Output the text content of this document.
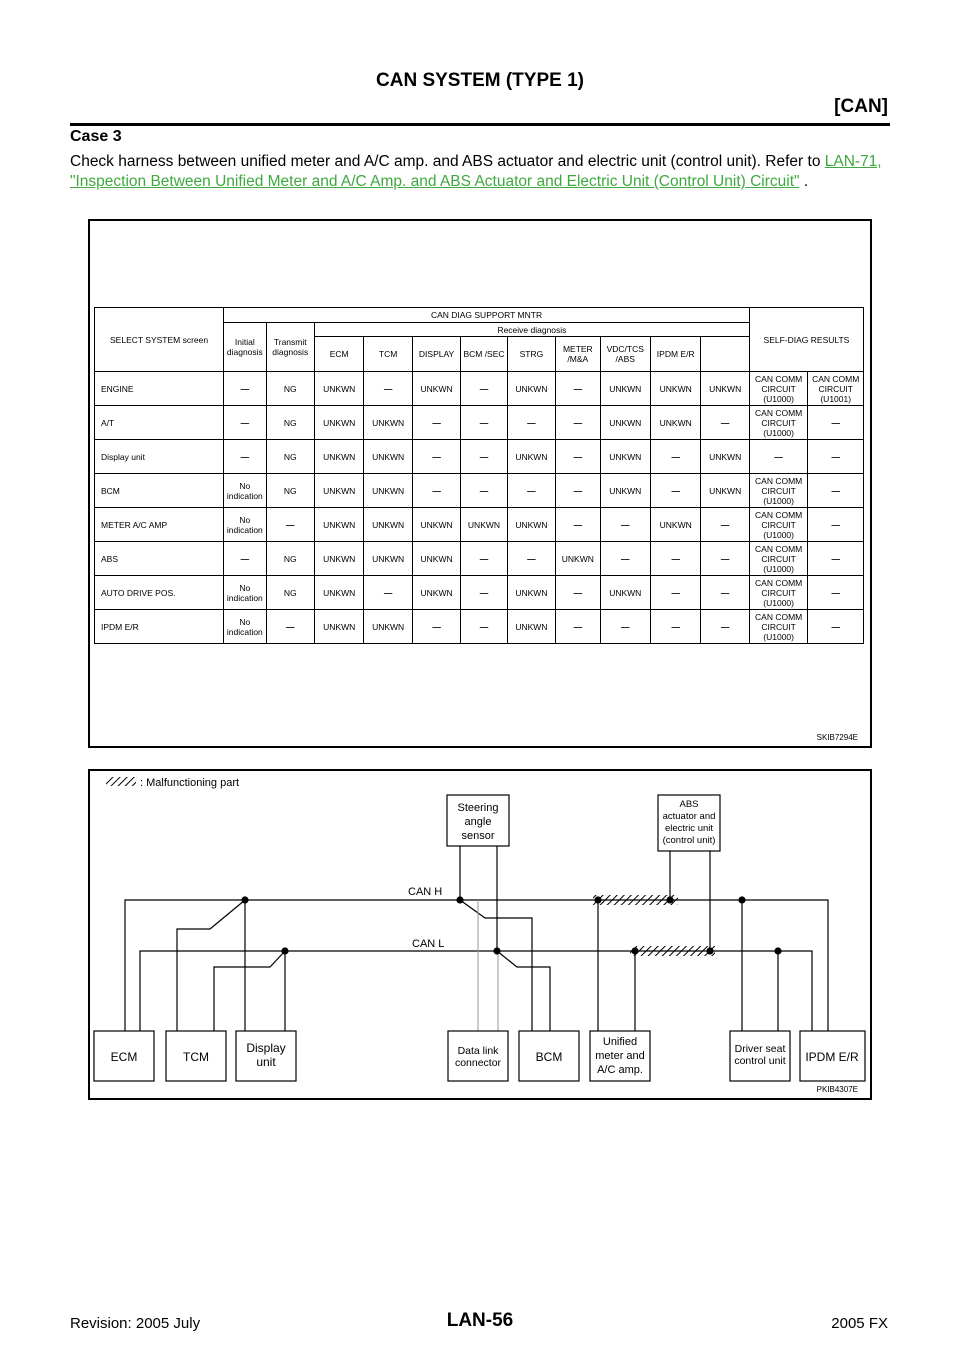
CAN SYSTEM (TYPE 1)
[CAN]
Case 3
Check harness between unified meter and A/C amp. and ABS actuator and electric unit (control unit). Refer to LAN-71, "Inspection Between Unified Meter and A/C Amp. and ABS Actuator and Electric Unit (Control Unit) Circuit" .
SELECT SYSTEM screen	CAN DIAG SUPPORT MNTR											SELF-DIAG RESULTS	
	Initial diagnosis	Transmit diagnosis	Receive diagnosis										
			ECM	TCM	DISPLAY	BCM /SEC	STRG	METER /M&A	VDC/TCS /ABS	IPDM E/R			
ENGINE	—	NG	UNKWN	—	UNKWN	—	UNKWN	—	UNKWN	UNKWN	UNKWN	CAN COMM CIRCUIT (U1000)	CAN COMM CIRCUIT (U1001)
A/T	—	NG	UNKWN	UNKWN	—	—	—	—	UNKWN	UNKWN	—	CAN COMM CIRCUIT (U1000)	—
Display unit	—	NG	UNKWN	UNKWN	—	—	UNKWN	—	UNKWN	—	UNKWN	—	—
BCM	No indication	NG	UNKWN	UNKWN	—	—	—	—	UNKWN	—	UNKWN	CAN COMM CIRCUIT (U1000)	—
METER A/C AMP	No indication	—	UNKWN	UNKWN	UNKWN	UNKWN	UNKWN	—	—	UNKWN	—	CAN COMM CIRCUIT (U1000)	—
ABS	—	NG	UNKWN	UNKWN	UNKWN	—	—	UNKWN	—	—	—	CAN COMM CIRCUIT (U1000)	—
AUTO DRIVE POS.	No indication	NG	UNKWN	—	UNKWN	—	UNKWN	—	UNKWN	—	—	CAN COMM CIRCUIT (U1000)	—
IPDM E/R	No indication	—	UNKWN	UNKWN	—	—	UNKWN	—	—	—	—	CAN COMM CIRCUIT (U1000)	—
SKIB7294E
: Malfunctioning part
CAN H
CAN L
ECM	TCM
Display
unit
Data link
connector	BCM
Unified
meter and
A/C amp.
Driver seat
control unit IPDM E/R
Steering
angle
sensor
ABS
actuator and
electric unit
(control unit)
PKIB4307E
Revision: 2005 July	LAN-56	2005 FX
